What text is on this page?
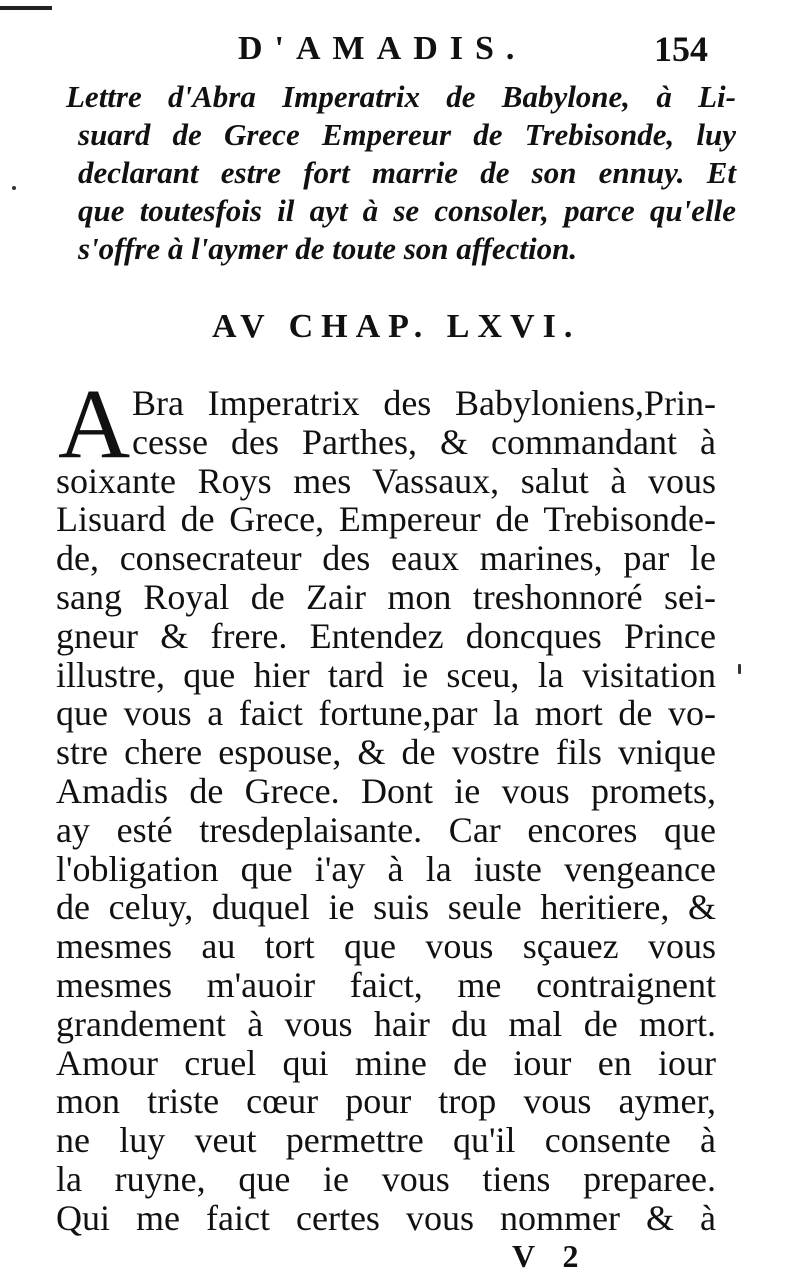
D'AMADIS.	154
Lettre d'Abra Imperatrix de Babylone, à Li-
suard de Grece Empereur de Trebisonde, luy
declarant estre fort marrie de son ennuy. Et
que toutesfois il ayt à se consoler, parce qu'elle
s'offre à l'aymer de toute son affection.
AV CHAP. LXVI.
A Bra Imperatrix des Babyloniens,Prin-
cesse des Parthes, & commandant à
soixante Roys mes Vassaux, salut à vous
Lisuard de Grece, Empereur de Trebisonde-
de, consecrateur des eaux marines, par le
sang Royal de Zair mon treshonnoré sei-
gneur & frere. Entendez doncques Prince
illustre, que hier tard ie sceu, la visitation
que vous a faict fortune,par la mort de vo-
stre chere espouse, & de vostre fils vnique
Amadis de Grece. Dont ie vous promets,
ay esté tresdeplaisante. Car encores que
l'obligation que i'ay à la iuste vengeance
de celuy, duquel ie suis seule heritiere, &
mesmes au tort que vous sçauez vous
mesmes m'auoir faict, me contraignent
grandement à vous hair du mal de mort.
Amour cruel qui mine de iour en iour
mon triste cœur pour trop vous aymer,
ne luy veut permettre qu'il consente à
la ruyne, que ie vous tiens preparee.
Qui me faict certes vous nommer & à
V 2
